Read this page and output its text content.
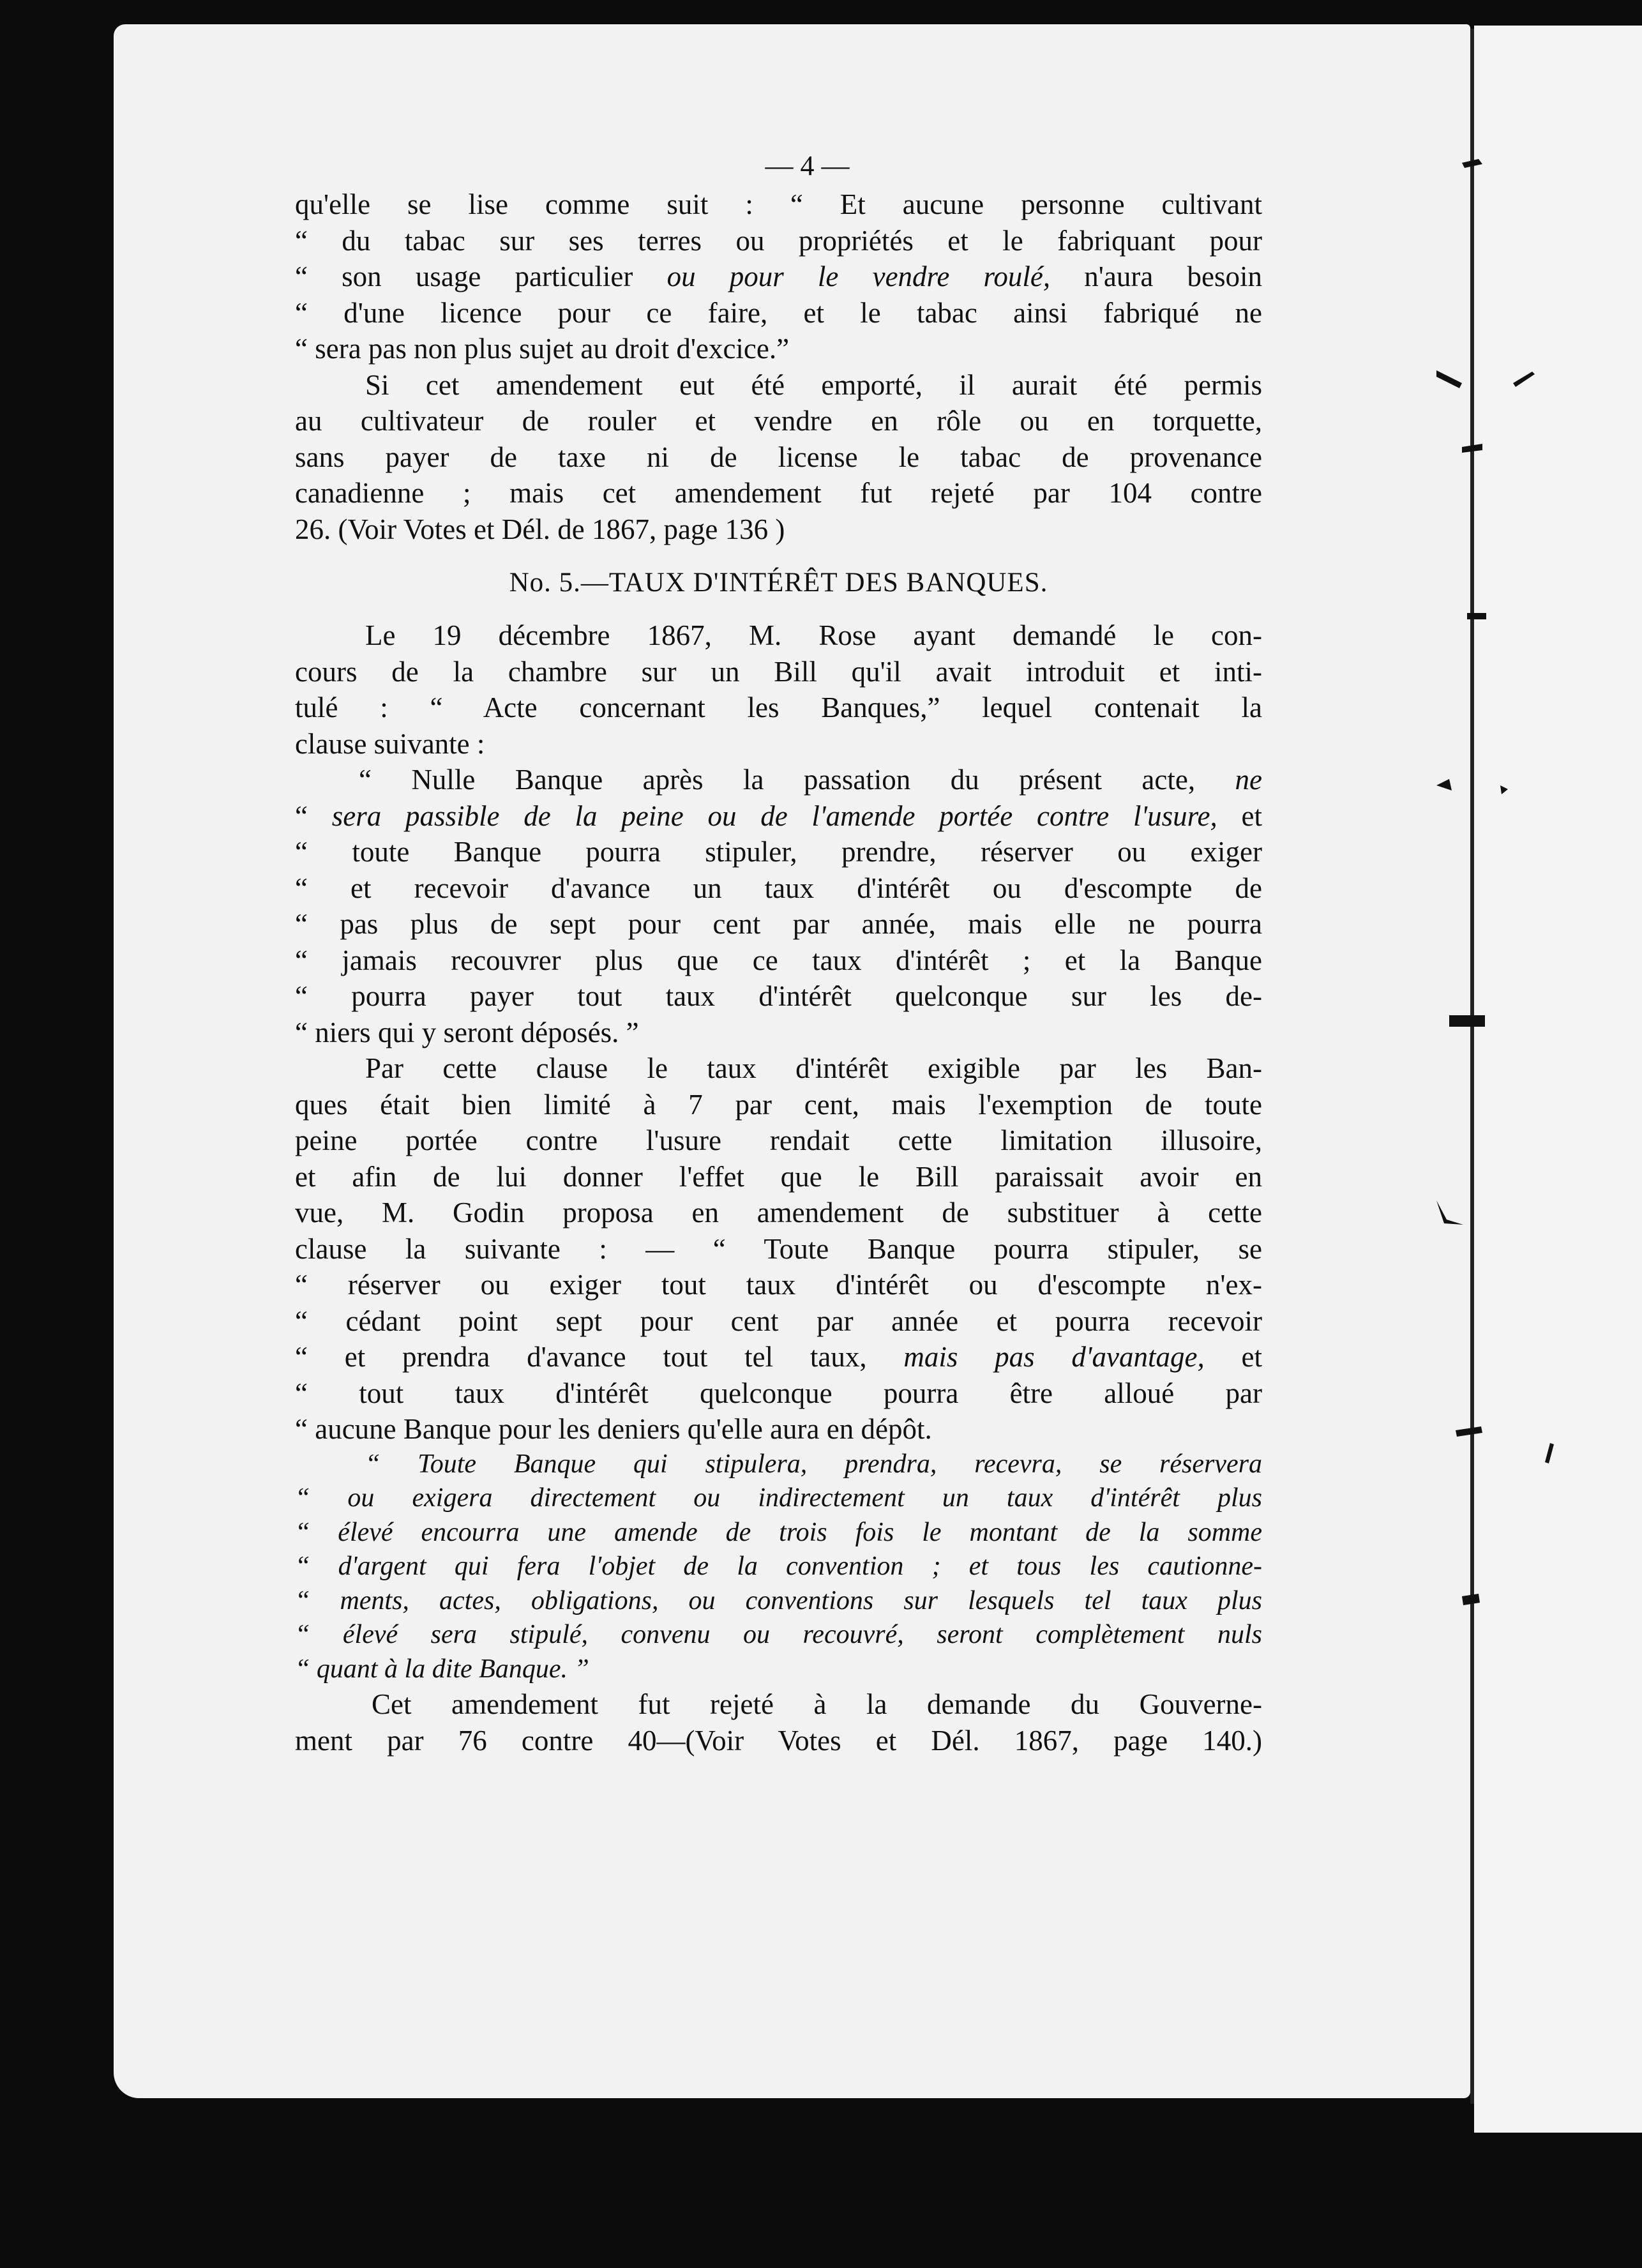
— 4 —
qu'elle se lise comme suit : “ Et aucune personne cultivant
“ du tabac sur ses terres ou propriétés et le fabriquant pour
“ son usage particulier ou pour le vendre roulé, n'aura besoin
“ d'une licence pour ce faire, et le tabac ainsi fabriqué ne
“ sera pas non plus sujet au droit d'excice.”
Si cet amendement eut été emporté, il aurait été permis
au cultivateur de rouler et vendre en rôle ou en torquette,
sans payer de taxe ni de license le tabac de provenance
canadienne ; mais cet amendement fut rejeté par 104 contre
26. (Voir Votes et Dél. de 1867, page 136 )
No. 5.—TAUX D'INTÉRÊT DES BANQUES.
Le 19 décembre 1867, M. Rose ayant demandé le con-
cours de la chambre sur un Bill qu'il avait introduit et inti-
tulé : “ Acte concernant les Banques,” lequel contenait la
clause suivante :
“ Nulle Banque après la passation du présent acte, ne
“ sera passible de la peine ou de l'amende portée contre l'usure, et
“ toute Banque pourra stipuler, prendre, réserver ou exiger
“ et recevoir d'avance un taux d'intérêt ou d'escompte de
“ pas plus de sept pour cent par année, mais elle ne pourra
“ jamais recouvrer plus que ce taux d'intérêt ; et la Banque
“ pourra payer tout taux d'intérêt quelconque sur les de-
“ niers qui y seront déposés. ”
Par cette clause le taux d'intérêt exigible par les Ban-
ques était bien limité à 7 par cent, mais l'exemption de toute
peine portée contre l'usure rendait cette limitation illusoire,
et afin de lui donner l'effet que le Bill paraissait avoir en
vue, M. Godin proposa en amendement de substituer à cette
clause la suivante : — “ Toute Banque pourra stipuler, se
“ réserver ou exiger tout taux d'intérêt ou d'escompte n'ex-
“ cédant point sept pour cent par année et pourra recevoir
“ et prendra d'avance tout tel taux, mais pas d'avantage, et
“ tout taux d'intérêt quelconque pourra être alloué par
“ aucune Banque pour les deniers qu'elle aura en dépôt.
“ Toute Banque qui stipulera, prendra, recevra, se réservera
“ ou exigera directement ou indirectement un taux d'intérêt plus
“ élevé encourra une amende de trois fois le montant de la somme
“ d'argent qui fera l'objet de la convention ; et tous les cautionne-
“ ments, actes, obligations, ou conventions sur lesquels tel taux plus
“ élevé sera stipulé, convenu ou recouvré, seront complètement nuls
“ quant à la dite Banque. ”
Cet amendement fut rejeté à la demande du Gouverne-
ment par 76 contre 40—(Voir Votes et Dél. 1867, page 140.)
